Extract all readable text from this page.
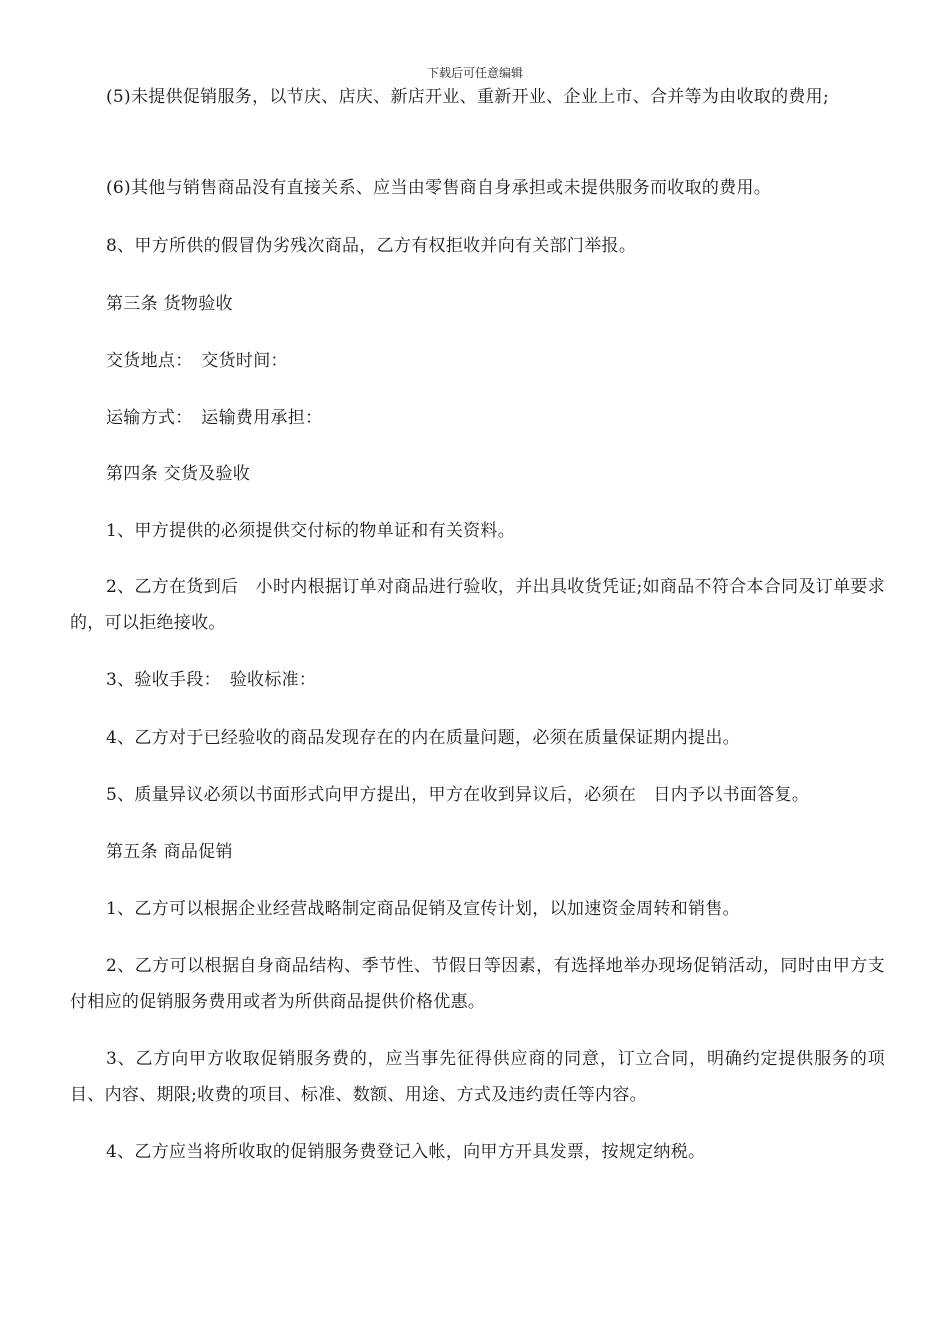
下载后可任意编辑

(5)未提供促销服务，以节庆、店庆、新店开业、重新开业、企业上市、合并等为由收取的费用;

(6)其他与销售商品没有直接关系、应当由零售商自身承担或未提供服务而收取的费用。

8、甲方所供的假冒伪劣残次商品，乙方有权拒收并向有关部门举报。

第三条 货物验收

交货地点：　交货时间：

运输方式：　运输费用承担：

第四条 交货及验收

1、甲方提供的必须提供交付标的物单证和有关资料。

2、乙方在货到后　小时内根据订单对商品进行验收，并出具收货凭证;如商品不符合本合同及订单要求的，可以拒绝接收。

3、验收手段：　验收标准：

4、乙方对于已经验收的商品发现存在的内在质量问题，必须在质量保证期内提出。

5、质量异议必须以书面形式向甲方提出，甲方在收到异议后，必须在　日内予以书面答复。

第五条 商品促销

1、乙方可以根据企业经营战略制定商品促销及宣传计划，以加速资金周转和销售。

2、乙方可以根据自身商品结构、季节性、节假日等因素，有选择地举办现场促销活动，同时由甲方支付相应的促销服务费用或者为所供商品提供价格优惠。

3、乙方向甲方收取促销服务费的，应当事先征得供应商的同意，订立合同，明确约定提供服务的项目、内容、期限;收费的项目、标准、数额、用途、方式及违约责任等内容。

4、乙方应当将所收取的促销服务费登记入帐，向甲方开具发票，按规定纳税。
